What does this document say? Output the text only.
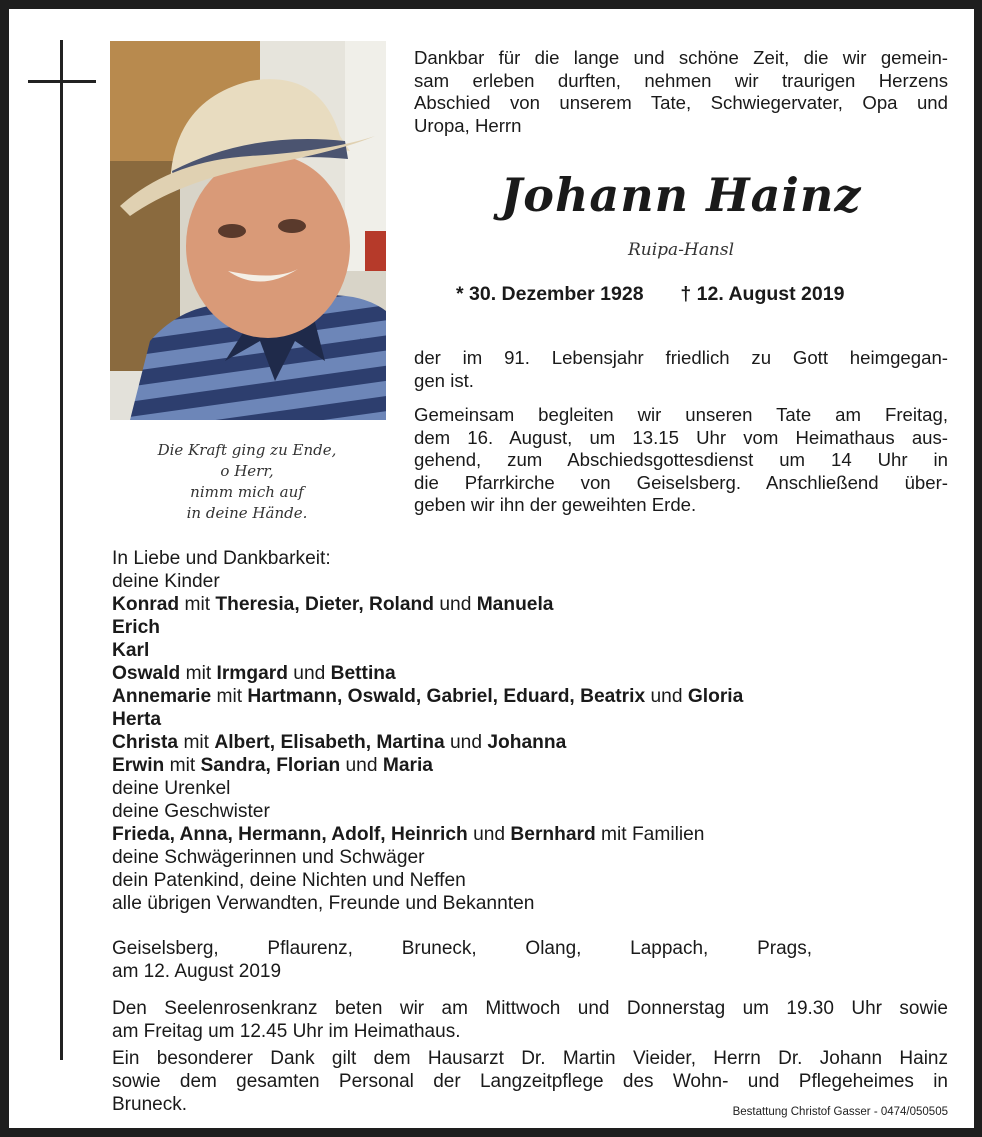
Die Kraft ging zu Ende,
o Herr,
nimm mich auf
in deine Hände.
Dankbar für die lange und schöne Zeit, die wir gemein-
sam erleben durften, nehmen wir traurigen Herzens
Abschied von unserem Tate, Schwiegervater, Opa und
Uropa, Herrn
Johann Hainz
Ruipa-Hansl
* 30. Dezember 1928 † 12. August 2019
der im 91. Lebensjahr friedlich zu Gott heimgegan-
gen ist.
Gemeinsam begleiten wir unseren Tate am Freitag,
dem 16. August, um 13.15 Uhr vom Heimathaus aus-
gehend, zum Abschiedsgottesdienst um 14 Uhr in
die Pfarrkirche von Geiselsberg. Anschließend über-
geben wir ihn der geweihten Erde.
In Liebe und Dankbarkeit:
deine Kinder
Konrad mit Theresia, Dieter, Roland und Manuela
Erich
Karl
Oswald mit Irmgard und Bettina
Annemarie mit Hartmann, Oswald, Gabriel, Eduard, Beatrix und Gloria
Herta
Christa mit Albert, Elisabeth, Martina und Johanna
Erwin mit Sandra, Florian und Maria
deine Urenkel
deine Geschwister
Frieda, Anna, Hermann, Adolf, Heinrich und Bernhard mit Familien
deine Schwägerinnen und Schwäger
dein Patenkind, deine Nichten und Neffen
alle übrigen Verwandten, Freunde und Bekannten
Geiselsberg, Pflaurenz, Bruneck, Olang, Lappach, Prags,
am 12. August 2019
Den Seelenrosenkranz beten wir am Mittwoch und Donnerstag um 19.30 Uhr sowie
am Freitag um 12.45 Uhr im Heimathaus.
Ein besonderer Dank gilt dem Hausarzt Dr. Martin Vieider, Herrn Dr. Johann Hainz
sowie dem gesamten Personal der Langzeitpflege des Wohn- und Pflegeheimes in
Bruneck.	Bestattung Christof Gasser - 0474/050505
